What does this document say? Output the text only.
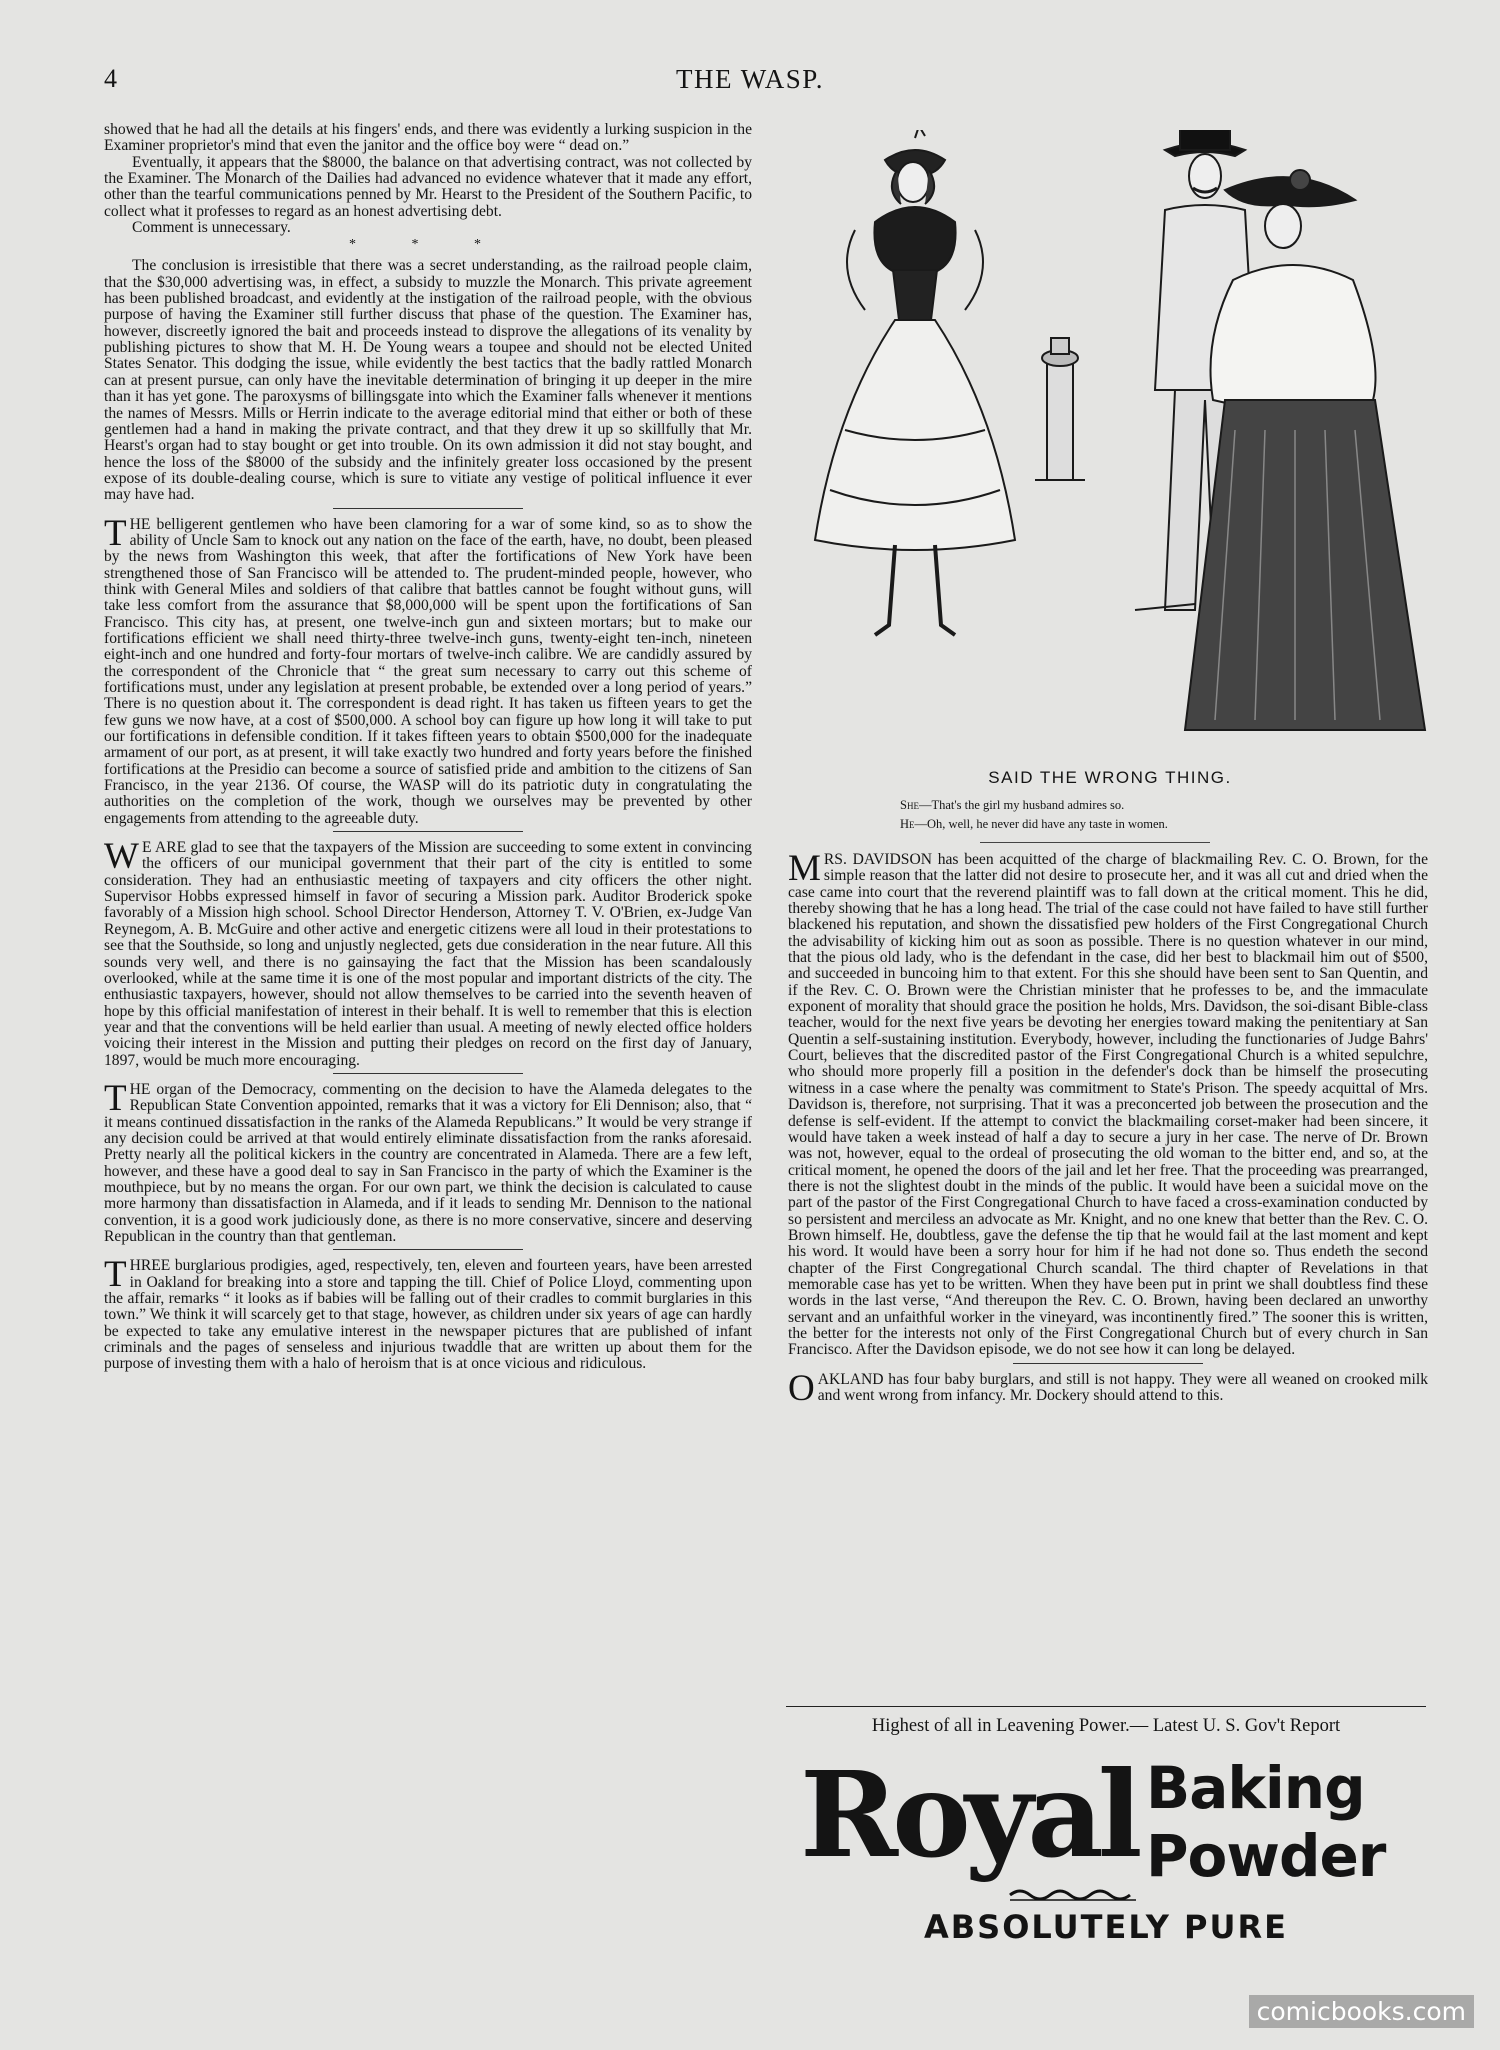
4	THE WASP.

showed that he had all the details at his fingers' ends, and there was evidently a lurking suspicion in the Examiner proprietor's mind that even the janitor and the office boy were “ dead on.”

Eventually, it appears that the $8000, the balance on that advertising contract, was not collected by the Examiner. The Monarch of the Dailies had advanced no evidence whatever that it made any effort, other than the tearful communications penned by Mr. Hearst to the President of the Southern Pacific, to collect what it professes to regard as an honest advertising debt.

Comment is unnecessary.

* * *

The conclusion is irresistible that there was a secret understanding, as the railroad people claim, that the $30,000 advertising was, in effect, a subsidy to muzzle the Monarch. This private agreement has been published broadcast, and evidently at the instigation of the railroad people, with the obvious purpose of having the Examiner still further discuss that phase of the question. The Examiner has, however, discreetly ignored the bait and proceeds instead to disprove the allegations of its venality by publishing pictures to show that M. H. De Young wears a toupee and should not be elected United States Senator. This dodging the issue, while evidently the best tactics that the badly rattled Monarch can at present pursue, can only have the inevitable determination of bringing it up deeper in the mire than it has yet gone. The paroxysms of billingsgate into which the Examiner falls whenever it mentions the names of Messrs. Mills or Herrin indicate to the average editorial mind that either or both of these gentlemen had a hand in making the private contract, and that they drew it up so skillfully that Mr. Hearst's organ had to stay bought or get into trouble. On its own admission it did not stay bought, and hence the loss of the $8000 of the subsidy and the infinitely greater loss occasioned by the present expose of its double-dealing course, which is sure to vitiate any vestige of political influence it ever may have had.

THE belligerent gentlemen who have been clamoring for a war of some kind, so as to show the ability of Uncle Sam to knock out any nation on the face of the earth, have, no doubt, been pleased by the news from Washington this week, that after the fortifications of New York have been strengthened those of San Francisco will be attended to. The prudent-minded people, however, who think with General Miles and soldiers of that calibre that battles cannot be fought without guns, will take less comfort from the assurance that $8,000,000 will be spent upon the fortifications of San Francisco. This city has, at present, one twelve-inch gun and sixteen mortars; but to make our fortifications efficient we shall need thirty-three twelve-inch guns, twenty-eight ten-inch, nineteen eight-inch and one hundred and forty-four mortars of twelve-inch calibre. We are candidly assured by the correspondent of the Chronicle that “ the great sum necessary to carry out this scheme of fortifications must, under any legislation at present probable, be extended over a long period of years.” There is no question about it. The correspondent is dead right. It has taken us fifteen years to get the few guns we now have, at a cost of $500,000. A school boy can figure up how long it will take to put our fortifications in defensible condition. If it takes fifteen years to obtain $500,000 for the inadequate armament of our port, as at present, it will take exactly two hundred and forty years before the finished fortifications at the Presidio can become a source of satisfied pride and ambition to the citizens of San Francisco, in the year 2136. Of course, the WASP will do its patriotic duty in congratulating the authorities on the completion of the work, though we ourselves may be prevented by other engagements from attending to the agreeable duty.
W E ARE glad to see that the taxpayers of the Mission are succeeding to some extent in convincing the officers of our municipal government that their part of the city is entitled to some consideration. They had an enthusiastic meeting of taxpayers and city officers the other night. Supervisor Hobbs expressed himself in favor of securing a Mission park. Auditor Broderick spoke favorably of a Mission high school. School Director Henderson, Attorney T. V. O'Brien, ex-Judge Van Reynegom, A. B. McGuire and other active and energetic citizens were all loud in their protestations to see that the Southside, so long and unjustly neglected, gets due consideration in the near future. All this sounds very well, and there is no gainsaying the fact that the Mission has been scandalously overlooked, while at the same time it is one of the most popular and important districts of the city. The enthusiastic taxpayers, however, should not allow themselves to be carried into the seventh heaven of hope by this official manifestation of interest in their behalf. It is well to remember that this is election year and that the conventions will be held earlier than usual. A meeting of newly elected office holders voicing their interest in the Mission and putting their pledges on record on the first day of January, 1897, would be much more encouraging.
THE organ of the Democracy, commenting on the decision to have the Alameda delegates to the Republican State Convention appointed, remarks that it was a victory for Eli Dennison; also, that “ it means continued dissatisfaction in the ranks of the Alameda Republicans.” It would be very strange if any decision could be arrived at that would entirely eliminate dissatisfaction from the ranks aforesaid. Pretty nearly all the political kickers in the country are concentrated in Alameda. There are a few left, however, and these have a good deal to say in San Francisco in the party of which the Examiner is the mouthpiece, but by no means the organ. For our own part, we think the decision is calculated to cause more harmony than dissatisfaction in Alameda, and if it leads to sending Mr. Dennison to the national convention, it is a good work judiciously done, as there is no more conservative, sincere and deserving Republican in the country than that gentleman.
THREE burglarious prodigies, aged, respectively, ten, eleven and fourteen years, have been arrested in Oakland for breaking into a store and tapping the till. Chief of Police Lloyd, commenting upon the affair, remarks “ it looks as if babies will be falling out of their cradles to commit burglaries in this town.” We think it will scarcely get to that stage, however, as children under six years of age can hardly be expected to take any emulative interest in the newspaper pictures that are published of infant criminals and the pages of senseless and injurious twaddle that are written up about them for the purpose of investing them with a halo of heroism that is at once vicious and ridiculous.
SAID THE WRONG THING.
She—That's the girl my husband admires so.
He—Oh, well, he never did have any taste in women.
MRS. DAVIDSON has been acquitted of the charge of blackmailing Rev. C. O. Brown, for the simple reason that the latter did not desire to prosecute her, and it was all cut and dried when the case came into court that the reverend plaintiff was to fall down at the critical moment. This he did, thereby showing that he has a long head. The trial of the case could not have failed to have still further blackened his reputation, and shown the dissatisfied pew holders of the First Congregational Church the advisability of kicking him out as soon as possible. There is no question whatever in our mind, that the pious old lady, who is the defendant in the case, did her best to blackmail him out of $500, and succeeded in buncoing him to that extent. For this she should have been sent to San Quentin, and if the Rev. C. O. Brown were the Christian minister that he professes to be, and the immaculate exponent of morality that should grace the position he holds, Mrs. Davidson, the soi-disant Bible-class teacher, would for the next five years be devoting her energies toward making the penitentiary at San Quentin a self-sustaining institution. Everybody, however, including the functionaries of Judge Bahrs' Court, believes that the discredited pastor of the First Congregational Church is a whited sepulchre, who should more properly fill a position in the defender's dock than be himself the prosecuting witness in a case where the penalty was commitment to State's Prison. The speedy acquittal of Mrs. Davidson is, therefore, not surprising. That it was a preconcerted job between the prosecution and the defense is self-evident. If the attempt to convict the blackmailing corset-maker had been sincere, it would have taken a week instead of half a day to secure a jury in her case. The nerve of Dr. Brown was not, however, equal to the ordeal of prosecuting the old woman to the bitter end, and so, at the critical moment, he opened the doors of the jail and let her free. That the proceeding was prearranged, there is not the slightest doubt in the minds of the public. It would have been a suicidal move on the part of the pastor of the First Congregational Church to have faced a cross-examination conducted by so persistent and merciless an advocate as Mr. Knight, and no one knew that better than the Rev. C. O. Brown himself. He, doubtless, gave the defense the tip that he would fail at the last moment and kept his word. It would have been a sorry hour for him if he had not done so. Thus endeth the second chapter of the First Congregational Church scandal. The third chapter of Revelations in that memorable case has yet to be written. When they have been put in print we shall doubtless find these words in the last verse, “And thereupon the Rev. C. O. Brown, having been declared an unworthy servant and an unfaithful worker in the vineyard, was incontinently fired.” The sooner this is written, the better for the interests not only of the First Congregational Church but of every church in San Francisco. After the Davidson episode, we do not see how it can long be delayed.
OAKLAND has four baby burglars, and still is not happy. They were all weaned on crooked milk and went wrong from infancy. Mr. Dockery should attend to this.
Highest of all in Leavening Power.— Latest U. S. Gov't Report
Royal Baking
Powder
ABSOLUTELY PURE
comicbooks.com
